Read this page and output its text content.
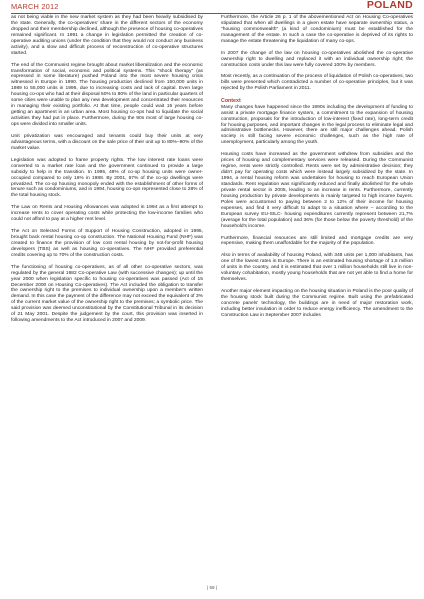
MARCH 2012	POLAND

as not being viable in the new market system as they had been heavily subsidised by the state. Generally, the co-operatives' share in the different sectors of the economy dropped and their membership declined, although the presence of housing co-operatives remained significant. In 1991 a change in legislation permitted the creation of co-operative auditing unions (under the condition that they would not conduct any business activity), and a slow and difficult process of reconstruction of co-operative structures started.

The end of the Communist regime brought about market liberalization and the economic transformation of social, economic and political systems. This "shock therapy" (as expressed in some literature) pushed Poland into the most severe housing crisis witnessed in Europe in 1990. The housing production declined from 150,000 units in 1989 to 55,000 units in 1996, due to increasing costs and lack of capital. Even large housing co-ops who had at their disposal 50% to 80% of the land in particular quarters of some cities were unable to plan any new development and concentrated their resources in managing their existing portfolio. At that time, people could wait 15 years before getting an apartment in an urban area. Most housing co-ops had to liquidate the social activities they had put in place. Furthermore, during the 90s most of large housing co-ops were divided into smaller units.

Unit privatization was encouraged and tenants could buy their units at very advantageous terms, with a discount on the sale price of their unit up to 80%–90% of the market value.

Legislation was adopted to frame property rights. The low interest rate loans were converted to a market rate loan and the government continued to provide a large subsidy to help in the transition. In 1995, 48% of co-op housing units were owner-occupied compared to only 16% in 1988. By 2001, 67% of the co-op dwellings were privatized. The co-op housing monopoly ended with the establishment of other forms of tenure such as condominiums, and in 1994, housing co-ops represented close to 28% of the total housing stock.

The Law on Rents and Housing Allowances was adopted in 1994 as a first attempt to increase rents to cover operating costs while protecting the low-income families who could not afford to pay at a higher rent level.

The Act on Selected Forms of Support of Housing Construction, adopted in 1995, brought back rental housing co-op construction. The National Housing Fund (NHF) was created to finance the provision of low cost rental housing by not-for-profit housing developers (TBS) as well as housing co-operatives. The NHF provided preferential credits covering up to 70% of the construction costs.

The functioning of housing co-operatives, as of all other co-operative sectors, was regulated by the general 1982 Co-operative Law (with successive changes); up until the year 2000 when legislation specific to housing co-operatives was passed (Act of 15 December 2000 on Housing Co-operatives). The Act included the obligation to transfer the ownership right to the premises to individual ownership upon a member's written demand. In this case the payment of the difference may not exceed the equivalent of 3% of the current market value of the ownership right to the premises; a symbolic price. The said provision was deemed unconstitutional by the Constitutional Tribunal in its decision of 21 May 2001. Despite the judgement by the court, this provision was inserted in following amendments to the Act introduced in 2007 and 2009.

Furthermore, the Article 26 p. 1 of the abovementioned Act on Housing Co-operatives stipulated that when all dwellings in a given estate have separate ownership status, a "housing commonwealth" (a kind of condominium) must be established for the management of the estate. In such a case the co-operative is deprived of its rights to manage the estate threatening the liquidation of many co-ops.

In 2007 the change of the law on housing co-operatives abolished the co-operative ownership right to dwelling and replaced it with an individual ownership right; the construction costs under this law were fully covered 100% by members.

Most recently, as a continuation of the process of liquidation of Polish co-operatives, two bills were presented which contradicted a number of co-operative principles, but it was rejected by the Polish Parliament in 2011.

Context

Many changes have happened since the 1990s including the development of funding to assist a private mortgage finance system, a commitment to the expansion of housing construction, proposals for the introduction of low-interest (fixed rate), long-term credit for housing purposes, and important changes in the legal process to eliminate legal and administrative bottlenecks. However, there are still major challenges ahead. Polish society is still facing severe economic challenges, such as the high rate of unemployment, particularly among the youth.

Housing costs have increased as the government withdrew from subsidies and the prices of housing and complementary services were released. During the Communist regime, rents were strictly controlled. Rents were set by administrative decision; they didn't pay for operating costs which were instead largely subsidized by the state. In 1994, a rental housing reform was undertaken for housing to reach European Union standards. Rent regulation was significantly reduced and finally abolished for the whole private rental sector in 2005, leading to an increase in rents. Furthermore, currently housing production by private developments is mainly targeted to high income buyers. Poles were accustomed to paying between 2 to 12% of their income for housing expenses, and find it very difficult to adapt to a situation where – according to the European survey EU-SILC- housing expenditures currently represent between 21,7% (average for the total population) and 36% (for those below the poverty threshold) of the household's income.

Furthermore, financial resources are still limited and mortgage credits are very expensive, making them unaffordable for the majority of the population.

Also in terms of availability of housing Poland, with 348 units per 1,000 inhabitants, has one of the lowest rates in Europe. There is an estimated housing shortage of 1,5 million of units in the country, and it is estimated that over 1 million households still live in non-voluntary cohabitation, mostly young households that are not yet able to find a home for themselves.

Another major element impacting on the housing situation in Poland is the poor quality of the housing stock built during the Communist regime. Built using the prefabricated concrete panels' technology, the buildings are in need of major restoration work, including better insulation in order to reduce energy inefficiency. The amendment to the Construction Law in September 2007 includes

| 59 |
